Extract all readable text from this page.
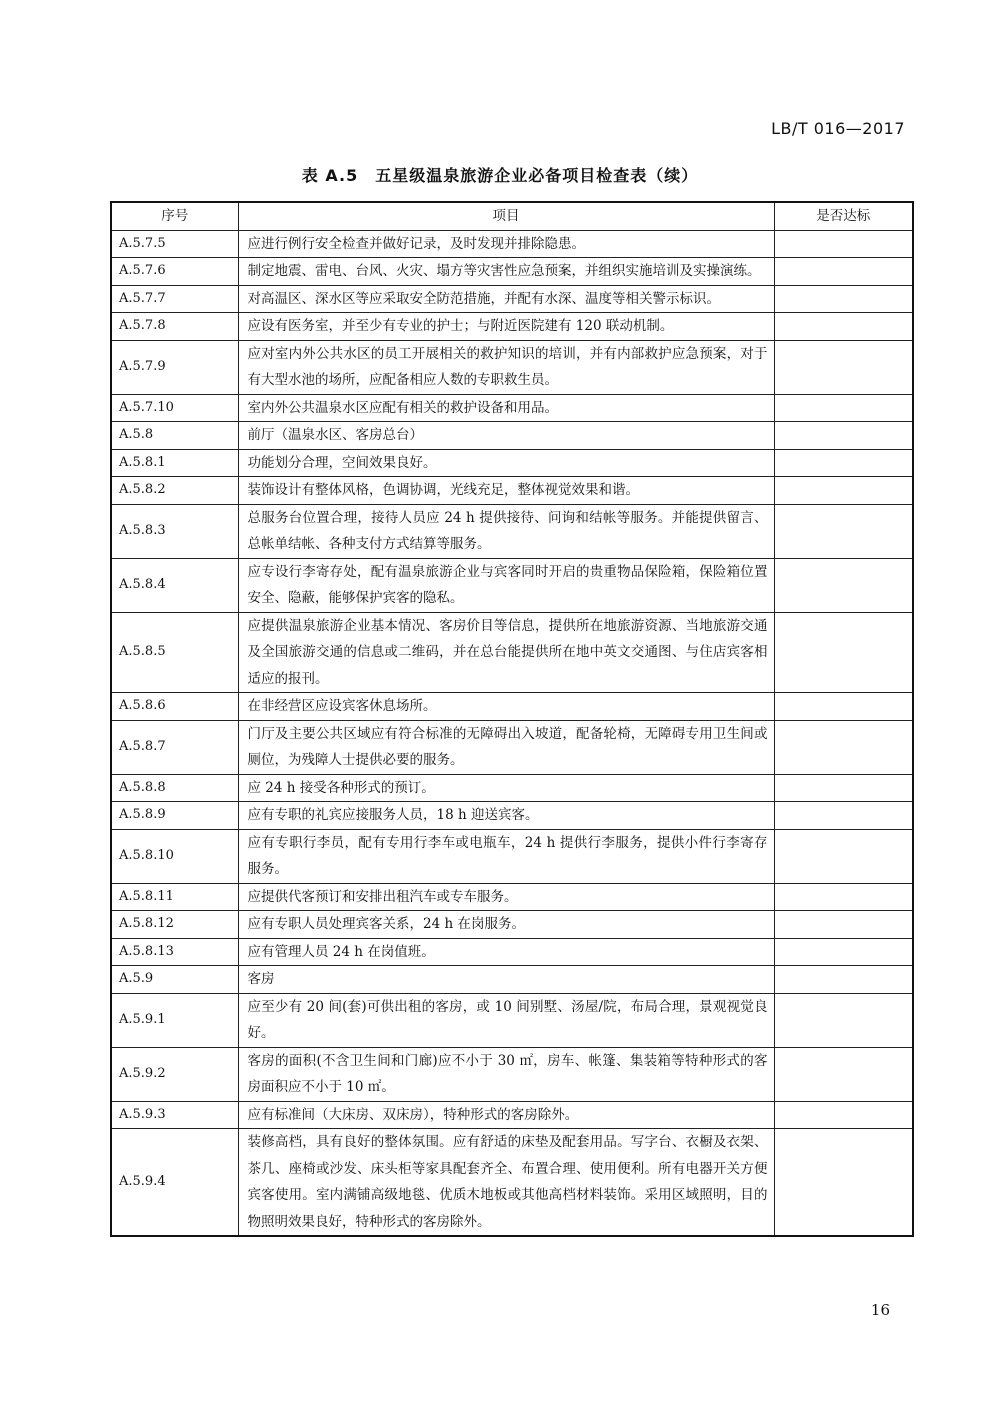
LB/T 016—2017
表 A.5　五星级温泉旅游企业必备项目检查表（续）
序号	项目	是否达标
A.5.7.5	应进行例行安全检查并做好记录，及时发现并排除隐患。	
A.5.7.6	制定地震、雷电、台风、火灾、塌方等灾害性应急预案，并组织实施培训及实操演练。	
A.5.7.7	对高温区、深水区等应采取安全防范措施，并配有水深、温度等相关警示标识。	
A.5.7.8	应设有医务室，并至少有专业的护士；与附近医院建有 120 联动机制。	
A.5.7.9	应对室内外公共水区的员工开展相关的救护知识的培训，并有内部救护应急预案，对于有大型水池的场所，应配备相应人数的专职救生员。	
A.5.7.10	室内外公共温泉水区应配有相关的救护设备和用品。	
A.5.8	前厅（温泉水区、客房总台）	
A.5.8.1	功能划分合理，空间效果良好。	
A.5.8.2	装饰设计有整体风格，色调协调，光线充足，整体视觉效果和谐。	
A.5.8.3	总服务台位置合理，接待人员应 24 h 提供接待、问询和结帐等服务。并能提供留言、总帐单结帐、各种支付方式结算等服务。	
A.5.8.4	应专设行李寄存处，配有温泉旅游企业与宾客同时开启的贵重物品保险箱，保险箱位置安全、隐蔽，能够保护宾客的隐私。	
A.5.8.5	应提供温泉旅游企业基本情况、客房价目等信息，提供所在地旅游资源、当地旅游交通及全国旅游交通的信息或二维码，并在总台能提供所在地中英文交通图、与住店宾客相适应的报刊。	
A.5.8.6	在非经营区应设宾客休息场所。	
A.5.8.7	门厅及主要公共区域应有符合标准的无障碍出入坡道，配备轮椅，无障碍专用卫生间或厕位，为残障人士提供必要的服务。	
A.5.8.8	应 24 h 接受各种形式的预订。	
A.5.8.9	应有专职的礼宾应接服务人员，18 h 迎送宾客。	
A.5.8.10	应有专职行李员，配有专用行李车或电瓶车，24 h 提供行李服务，提供小件行李寄存服务。	
A.5.8.11	应提供代客预订和安排出租汽车或专车服务。	
A.5.8.12	应有专职人员处理宾客关系，24 h 在岗服务。	
A.5.8.13	应有管理人员 24 h 在岗值班。	
A.5.9	客房	
A.5.9.1	应至少有 20 间(套)可供出租的客房，或 10 间别墅、汤屋/院，布局合理，景观视觉良好。	
A.5.9.2	客房的面积(不含卫生间和门廊)应不小于 30 ㎡，房车、帐篷、集装箱等特种形式的客房面积应不小于 10 ㎡。	
A.5.9.3	应有标准间（大床房、双床房），特种形式的客房除外。	
A.5.9.4	装修高档，具有良好的整体氛围。应有舒适的床垫及配套用品。写字台、衣橱及衣架、茶几、座椅或沙发、床头柜等家具配套齐全、布置合理、使用便利。所有电器开关方便宾客使用。室内满铺高级地毯、优质木地板或其他高档材料装饰。采用区域照明，目的物照明效果良好，特种形式的客房除外。	
16
